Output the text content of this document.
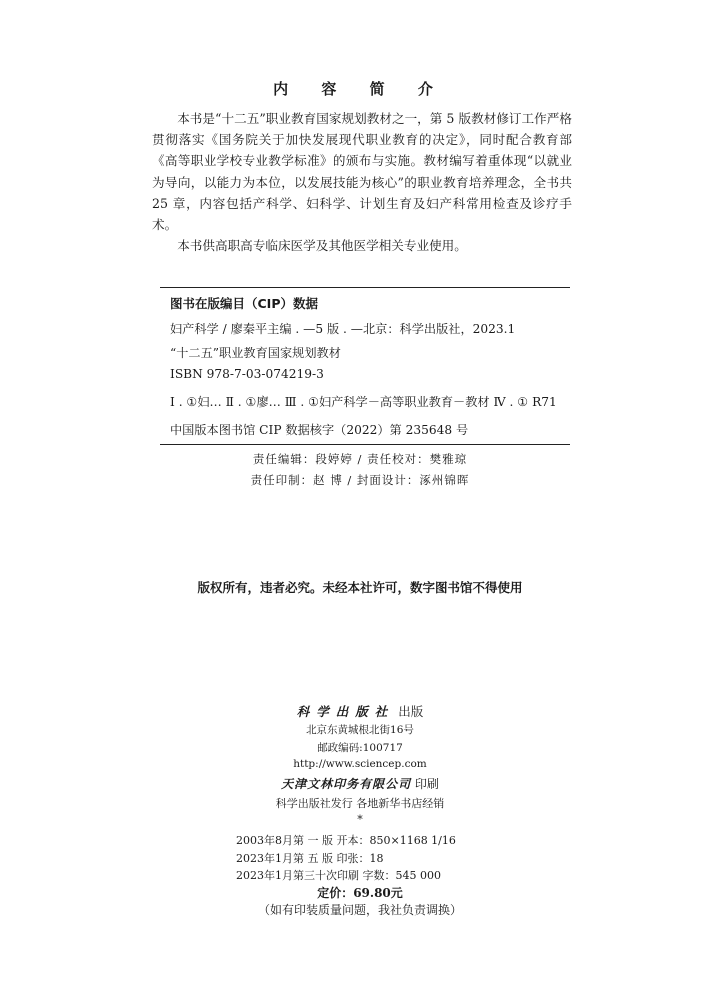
内 容 简 介

本书是“十二五”职业教育国家规划教材之一，第 5 版教材修订工作严格贯彻落实《国务院关于加快发展现代职业教育的决定》，同时配合教育部《高等职业学校专业教学标准》的颁布与实施。教材编写着重体现“以就业为导向，以能力为本位，以发展技能为核心”的职业教育培养理念，全书共 25 章，内容包括产科学、妇科学、计划生育及妇产科常用检查及诊疗手术。

本书供高职高专临床医学及其他医学相关专业使用。

图书在版编目（CIP）数据
妇产科学 / 廖秦平主编 . —5 版 . —北京：科学出版社，2023.1
“十二五”职业教育国家规划教材
ISBN 978-7-03-074219-3
Ⅰ . ①妇… Ⅱ . ①廖… Ⅲ . ①妇产科学－高等职业教育－教材 Ⅳ . ① R71
中国版本图书馆 CIP 数据核字（2022）第 235648 号
责任编辑：段婷婷 / 责任校对：樊雅琼
责任印制：赵 博 / 封面设计：涿州锦晖
版权所有，违者必究。未经本社许可，数字图书馆不得使用
科学出版社 出版
北京东黄城根北街16号
邮政编码:100717
http://www.sciencep.com
天津文林印务有限公司 印刷
科学出版社发行 各地新华书店经销
*
2003年8月第 一 版 开本：850×1168 1/16
2023年1月第 五 版 印张：18
2023年1月第三十次印刷 字数：545 000
定价：69.80元
（如有印装质量问题，我社负责调换）
